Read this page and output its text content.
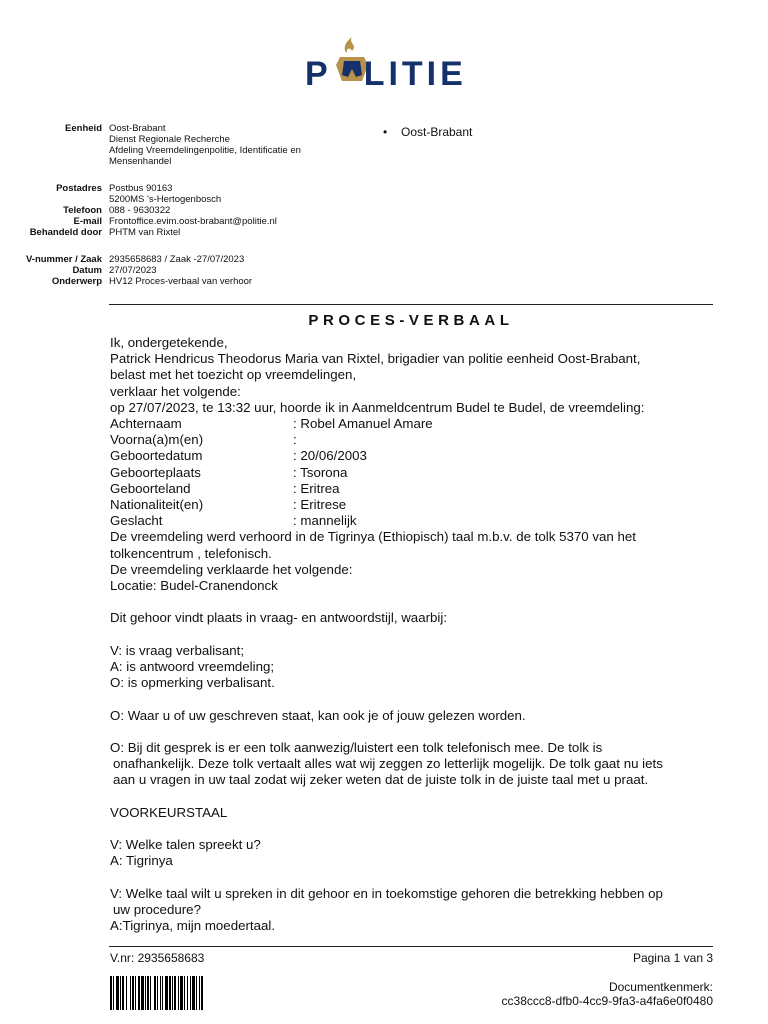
P LITIE
Eenheid Oost-Brabant
Dienst Regionale Recherche
Afdeling Vreemdelingenpolitie, Identificatie en
Mensenhandel
Postadres Postbus 90163
5200MS 's-Hertogenbosch
Telefoon 088 - 9630322
E-mail Frontoffice.evim.oost-brabant@politie.nl
Behandeld door PHTM van Rixtel
V-nummer / Zaak 2935658683 / Zaak -27/07/2023
Datum 27/07/2023
Onderwerp HV12 Proces-verbaal van verhoor
• Oost-Brabant
PROCES-VERBAAL

Ik, ondergetekende,

Patrick Hendricus Theodorus Maria van Rixtel, brigadier van politie eenheid Oost-Brabant,

belast met het toezicht op vreemdelingen,

verklaar het volgende:

op 27/07/2023, te 13:32 uur, hoorde ik in Aanmeldcentrum Budel te Budel, de vreemdeling:

Achternaam	: Robel Amanuel Amare
Voorna(a)m(en)	:
Geboortedatum	: 20/06/2003
Geboorteplaats	: Tsorona
Geboorteland	: Eritrea
Nationaliteit(en)	: Eritrese
Geslacht	: mannelijk

De vreemdeling werd verhoord in de Tigrinya (Ethiopisch) taal m.b.v. de tolk 5370 van het

tolkencentrum , telefonisch.

De vreemdeling verklaarde het volgende:

Locatie: Budel-Cranendonck

Dit gehoor vindt plaats in vraag- en antwoordstijl, waarbij:

V: is vraag verbalisant;

A: is antwoord vreemdeling;

O: is opmerking verbalisant.

O: Waar u of uw geschreven staat, kan ook je of jouw gelezen worden.

O: Bij dit gesprek is er een tolk aanwezig/luistert een tolk telefonisch mee. De tolk is

onafhankelijk. Deze tolk vertaalt alles wat wij zeggen zo letterlijk mogelijk. De tolk gaat nu iets

aan u vragen in uw taal zodat wij zeker weten dat de juiste tolk in de juiste taal met u praat.

VOORKEURSTAAL

V: Welke talen spreekt u?

A: Tigrinya

V: Welke taal wilt u spreken in dit gehoor en in toekomstige gehoren die betrekking hebben op

uw procedure?

A:Tigrinya, mijn moedertaal.

V.nr: 2935658683	Pagina 1 van 3
Documentkenmerk:
cc38ccc8-dfb0-4cc9-9fa3-a4fa6e0f0480
